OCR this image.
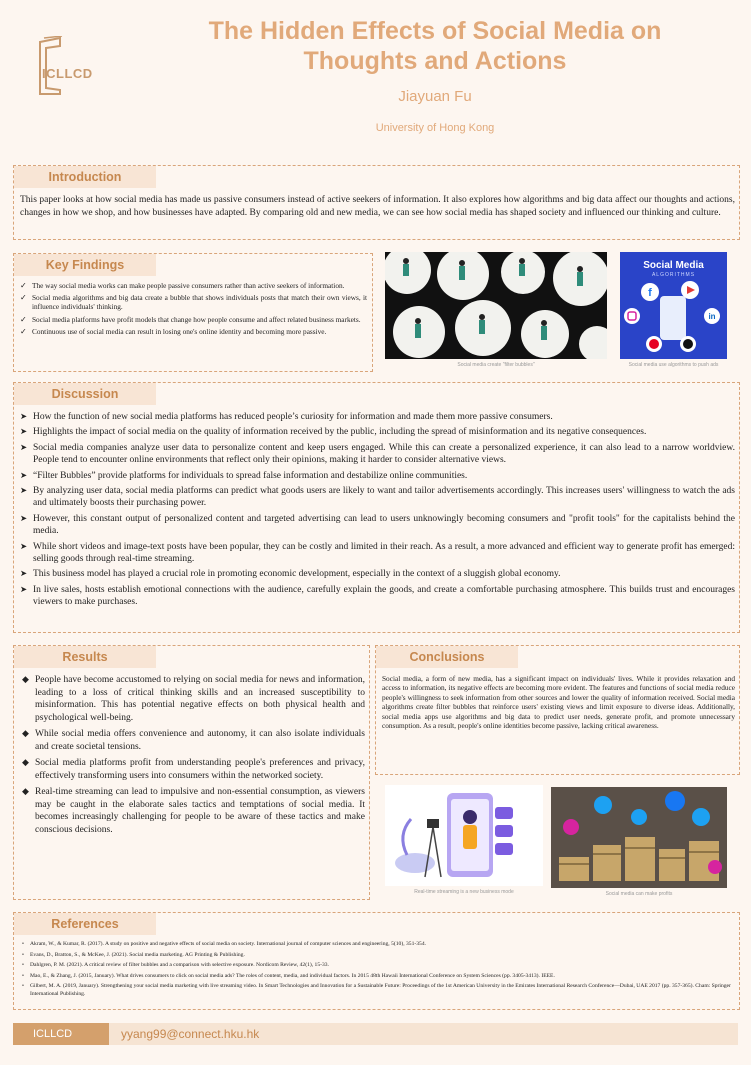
ICLLCD
The Hidden Effects of Social Media on
Thoughts and Actions
Jiayuan Fu
University of Hong Kong
Introduction
This paper looks at how social media has made us passive consumers instead of active seekers of information. It also explores how algorithms and big data affect our thoughts and actions, changes in how we shop, and how businesses have adapted. By comparing old and new media, we can see how social media has shaped society and influenced our thinking and culture.
Key Findings
✓ The way social media works can make people passive consumers rather than active seekers of information.
✓ Social media algorithms and big data create a bubble that shows individuals posts that match their own views, it influence individuals' thinking.
✓ Social media platforms have profit models that change how people consume and affect related business markets.
✓ Continuous use of social media can result in losing one's online identity and becoming more passive.
Social media create "filter bubbles"
Social Media
ALGORITHMS
f
in
Social media use algorithms to push ads
Discussion
➤ How the function of new social media platforms has reduced people’s curiosity for information and made them more passive consumers.
➤ Highlights the impact of social media on the quality of information received by the public, including the spread of misinformation and its negative consequences.
➤ Social media companies analyze user data to personalize content and keep users engaged. While this can create a personalized experience, it can also lead to a narrow worldview. People tend to encounter online environments that reflect only their opinions, making it harder to consider alternative views.
➤ “Filter Bubbles” provide platforms for individuals to spread false information and destabilize online communities.
➤ By analyzing user data, social media platforms can predict what goods users are likely to want and tailor advertisements accordingly. This increases users' willingness to watch the ads and ultimately boosts their purchasing power.
➤ However, this constant output of personalized content and targeted advertising can lead to users unknowingly becoming consumers and "profit tools" for the capitalists behind the media.
➤ While short videos and image-text posts have been popular, they can be costly and limited in their reach. As a result, a more advanced and efficient way to generate profit has emerged: selling goods through real-time streaming.
➤ This business model has played a crucial role in promoting economic development, especially in the context of a sluggish global economy.
➤ In live sales, hosts establish emotional connections with the audience, carefully explain the goods, and create a comfortable purchasing atmosphere. This builds trust and encourages viewers to make purchases.
Results
◆ People have become accustomed to relying on social media for news and information, leading to a loss of critical thinking skills and an increased susceptibility to misinformation. This has potential negative effects on both physical health and psychological well-being.
◆ While social media offers convenience and autonomy, it can also isolate individuals and create societal tensions.
◆ Social media platforms profit from understanding people's preferences and privacy, effectively transforming users into consumers within the networked society.
◆ Real-time streaming can lead to impulsive and non-essential consumption, as viewers may be caught in the elaborate sales tactics and temptations of social media. It becomes increasingly challenging for people to be aware of these tactics and make conscious decisions.
Conclusions
Social media, a form of new media, has a significant impact on individuals' lives. While it provides relaxation and access to information, its negative effects are becoming more evident. The features and functions of social media reduce people's willingness to seek information from other sources and lower the quality of information received. Social media algorithms create filter bubbles that reinforce users' existing views and limit exposure to diverse ideas. Additionally, social media apps use algorithms and big data to predict user needs, generate profit, and promote unnecessary consumption. As a result, people's online identities become passive, lacking critical awareness.
Real-time streaming is a new business mode	Social media can make profits
References
• Akram, W., & Kumar, R. (2017). A study on positive and negative effects of social media on society. International journal of computer sciences and engineering, 5(10), 351-354.
• Evans, D., Bratton, S., & McKee, J. (2021). Social media marketing. AG Printing & Publishing.
• Dahlgren, P. M. (2021). A critical review of filter bubbles and a comparison with selective exposure. Nordicom Review, 42(1), 15-33.
• Mao, E., & Zhang, J. (2015, January). What drives consumers to click on social media ads? The roles of content, media, and individual factors. In 2015 48th Hawaii International Conference on System Sciences (pp. 3405-3413). IEEE.
• Gilbert, M. A. (2019, January). Strengthening your social media marketing with live streaming video. In Smart Technologies and Innovation for a Sustainable Future: Proceedings of the 1st American University in the Emirates International Research Conference—Dubai, UAE 2017 (pp. 357-365). Cham: Springer International Publishing.
ICLLCD	yyang99@connect.hku.hk
